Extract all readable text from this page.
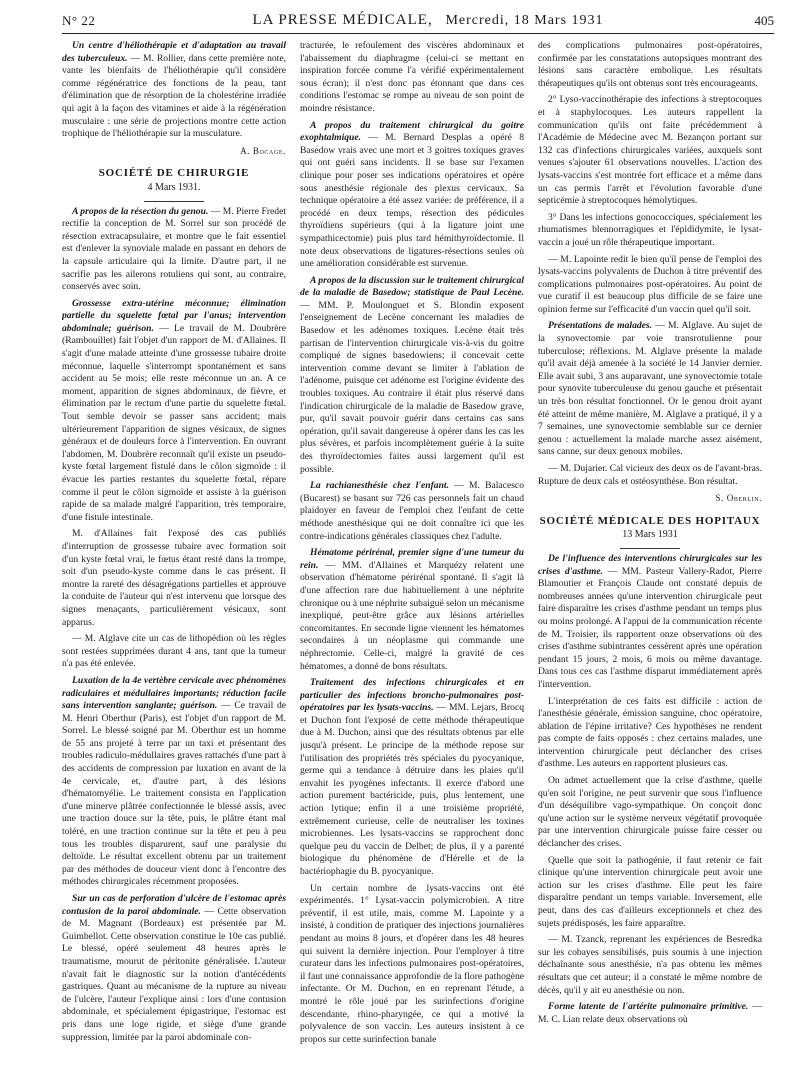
N° 22	LA PRESSE MÉDICALE, Mercredi, 18 Mars 1931	405

Un centre d'héliothérapie et d'adaptation au travail des tuberculeux. — M. Rollier, dans cette première note, vante les bienfaits de l'héliothérapie qu'il considère comme régénératrice des fonctions de la peau, tant d'élimination que de résorption de la cholestérine irradiée qui agit à la façon des vitamines et aide à la régénération musculaire : une série de projections montre cette action trophique de l'héliothérapie sur la musculature.

A. Bocage.
SOCIÉTÉ DE CHIRURGIE
4 Mars 1931.

A propos de la résection du genou. — M. Pierre Fredet rectifie la conception de M. Sorrel sur son procédé de résection extracapsulaire, et montre que le fait essentiel est d'enlever la synoviale malade en passant en dehors de la capsule articulaire qui la limite. D'autre part, il ne sacrifie pas les ailerons rotuliens qui sont, au contraire, conservés avec soin.

Grossesse extra-utérine méconnue; élimination partielle du squelette fœtal par l'anus; intervention abdominale; guérison. — Le travail de M. Doubrère (Rambouillet) fait l'objet d'un rapport de M. d'Allaines. Il s'agit d'une malade atteinte d'une grossesse tubaire droite méconnue, laquelle s'interrompt spontanément et sans accident au 5e mois; elle reste méconnue un an. A ce moment, apparition de signes abdominaux, de fièvre, et élimination par le rectum d'une partie du squelette fœtal. Tout semble devoir se passer sans accident; mais ultérieurement l'apparition de signes vésicaux, de signes généraux et de douleurs force à l'intervention. En ouvrant l'abdomen, M. Doubrère reconnaît qu'il existe un pseudo-kyste fœtal largement fistulé dans le côlon sigmoïde : il évacue les parties restantes du squelette fœtal, répare comme il peut le côlon sigmoïde et assiste à la guérison rapide de sa malade malgré l'apparition, très temporaire, d'une fistule intestinale.

M. d'Allaines fait l'exposé des cas publiés d'interruption de grossesse tubaire avec formation soit d'un kyste fœtal vrai, le fœtus étant resté dans la trompe, soit d'un pseudo-kyste comme dans le cas présent. Il montre la rareté des désagrégations partielles et approuve la conduite de l'auteur qui n'est intervenu que lorsque des signes menaçants, particulièrement vésicaux, sont apparus.

— M. Alglave cite un cas de lithopédion où les règles sont restées supprimées durant 4 ans, tant que la tumeur n'a pas été enlevée.

Luxation de la 4e vertèbre cervicale avec phénomènes radiculaires et médullaires importants; réduction facile sans intervention sanglante; guérison. — Ce travail de M. Henri Oberthur (Paris), est l'objet d'un rapport de M. Sorrel. Le blessé soigné par M. Oberthur est un homme de 55 ans projeté à terre par un taxi et présentant des troubles radiculo-médullaires graves rattachés d'une part à des accidents de compression par luxation en avant de la 4e cervicale, et, d'autre part, à des lésions d'hématomyélie. Le traitement consista en l'application d'une minerve plâtrée confectionnée le blessé assis, avec une traction douce sur la tête, puis, le plâtre étant mal toléré, en une traction continue sur la tête et peu à peu tous les troubles disparurent, sauf une paralysie du deltoïde. Le résultat excellent obtenu par un traitement par des méthodes de douceur vient donc à l'encontre des méthodes chirurgicales récemment proposées.

Sur un cas de perforation d'ulcère de l'estomac après contusion de la paroi abdominale. — Cette observation de M. Magnant (Bordeaux) est présentée par M. Guimbellot. Cette observation constitue le 10e cas publié. Le blessé, opéré seulement 48 heures après le traumatisme, mourut de péritonite généralisée. L'auteur n'avait fait le diagnostic sur la notion d'antécédents gastriques. Quant au mécanisme de la rupture au niveau de l'ulcère, l'auteur l'explique ainsi : lors d'une contusion abdominale, et spécialement épigastrique, l'estomac est pris dans une loge rigide, et siège d'une grande suppression, limitée par la paroi abdominale con-

tracturée, le refoulement des viscères abdominaux et l'abaissement du diaphragme (celui-ci se mettant en inspiration forcée comme l'a vérifié expérimentalement sous écran); il n'est donc pas étonnant que dans ces conditions l'estomac se rompe au niveau de son point de moindre résistance.

A propos du traitement chirurgical du goitre exophtalmique. — M. Bernard Desplas a opéré 8 Basedow vrais avec une mort et 3 goitres toxiques graves qui ont guéri sans incidents. Il se base sur l'examen clinique pour poser ses indications opératoires et opère sous anesthésie régionale des plexus cervicaux. Sa technique opératoire a été assez variée: de préférence, il a procédé en deux temps, résection des pédicules thyroïdiens supérieurs (qui à la ligature joint une sympathicectomie) puis plus tard hémithyroïdectomie. Il note deux observations de ligatures-résections seules où une amélioration considérable est survenue.

A propos de la discussion sur le traitement chirurgical de la maladie de Basedow; statistique de Paul Lecène. — MM. P. Moulonguet et S. Blondin exposent l'enseignement de Lecène concernant les maladies de Basedow et les adénomes toxiques. Lecène était très partisan de l'intervention chirurgicale vis-à-vis du goitre compliqué de signes basedowiens; il concevait cette intervention comme devant se limiter à l'ablation de l'adénome, puisque cet adénome est l'origine évidente des troubles toxiques. Au contraire il était plus réservé dans l'indication chirurgicale de la maladie de Basedow grave, pur, qu'il savait pouvoir guérir dans certains cas sans opération, qu'il savait dangereuse à opérer dans les cas les plus sévères, et parfois incomplètement guérie à la suite des thyroïdectomies faites aussi largement qu'il est possible.

La rachianesthésie chez l'enfant. — M. Balacesco (Bucarest) se basant sur 726 cas personnels fait un chaud plaidoyer en faveur de l'emploi chez l'enfant de cette méthode anesthésique qui ne doit connaître ici que les contre-indications générales classiques chez l'adulte.

Hématome périrénal, premier signe d'une tumeur du rein. — MM. d'Allaines et Marquézy relatent une observation d'hématome périrénal spontané. Il s'agit là d'une affection rare due habituellement à une néphrite chronique ou à une néphrite subaiguë selon un mécanisme inexpliqué, peut-être grâce aux lésions artérielles concomitantes. En seconde ligne viennent les hématomes secondaires à un néoplasme qui commande une néphrectomie. Celle-ci, malgré la gravité de ces hématomes, a donné de bons résultats.

Traitement des infections chirurgicales et en particulier des infections broncho-pulmonaires post-opératoires par les lysats-vaccins. — MM. Lejars, Brocq et Duchon font l'exposé de cette méthode thérapeutique due à M. Duchon, ainsi que des résultats obtenus par elle jusqu'à présent. Le principe de la méthode repose sur l'utilisation des propriétés très spéciales du pyocyanique, germe qui a tendance à détruire dans les plaies qu'il envahit les pyogènes infectants. Il exerce d'abord une action purement bactéricide, puis, plus lentement, une action lytique; enfin il a une troisième propriété, extrêmement curieuse, celle de neutraliser les toxines microbiennes. Les lysats-vaccins se rapprochent donc quelque peu du vaccin de Delbet; de plus, il y a parenté biologique du phénomène de d'Hérelle et de la bactériophagie du B. pyocyanique.

Un certain nombre de lysats-vaccins ont été expérimentés. 1° Lysat-vaccin polymicrobien. A titre préventif, il est utile, mais, comme M. Lapointe y a insisté, à condition de pratiquer des injections journalières pendant au moins 8 jours, et d'opérer dans les 48 heures qui suivent la dernière injection. Pour l'employer à titre curateur dans les infections pulmonaires post-opératoires, il faut une connaissance approfondie de la flore pathogène infectante. Or M. Duchon, en en reprenant l'étude, a montré le rôle joué par les surinfections d'origine descendante, rhino-pharyngée, ce qui a motivé la polyvalence de son vaccin. Les auteurs insistent à ce propos sur cette surinfection banale

des complications pulmonaires post-opératoires, confirmée par les constatations autopsiques montrant des lésions sans caractère embolique. Les résultats thérapeutiques qu'ils ont obtenus sont très encourageants.

2° Lyso-vaccinothérapie des infections à streptocoques et à staphylocoques. Les auteurs rappellent la communication qu'ils ont faite précédemment à l'Académie de Médecine avec M. Bezançon portant sur 132 cas d'infections chirurgicales variées, auxquels sont venues s'ajouter 61 observations nouvelles. L'action des lysats-vaccins s'est montrée fort efficace et a même dans un cas permis l'arrêt et l'évolution favorable d'une septicémie à streptocoques hémolytiques.

3° Dans les infections gonococciques, spécialement les rhumatismes blennorragiques et l'épididymite, le lysat-vaccin a joué un rôle thérapeutique important.

— M. Lapointe redit le bien qu'il pense de l'emploi des lysats-vaccins polyvalents de Duchon à titre préventif des complications pulmonaires post-opératoires. Au point de vue curatif il est beaucoup plus difficile de se faire une opinion ferme sur l'efficacité d'un vaccin quel qu'il soit.

Présentations de malades. — M. Alglave. Au sujet de la synovectomie par voie transrotulienne pour tuberculose; réflexions. M. Alglave présente la malade qu'il avait déjà amenée à la société le 14 Janvier dernier. Elle avait subi, 3 ans auparavant, une synovectomie totale pour synovite tuberculeuse du genou gauche et présentait un très bon résultat fonctionnel. Or le genou droit ayant été atteint de même manière, M. Alglave a pratiqué, il y a 7 semaines, une synovectomie semblable sur ce dernier genou : actuellement la malade marche assez aisément, sans canne, sur deux genoux mobiles.

— M. Dujarier. Cal vicieux des deux os de l'avant-bras. Rupture de deux cals et ostéosynthèse. Bon résultat.

S. Oberlin.
SOCIÉTÉ MÉDICALE DES HOPITAUX
13 Mars 1931

De l'influence des interventions chirurgicales sur les crises d'asthme. — MM. Pasteur Vallery-Radot, Pierre Blamoutier et François Claude ont constaté depuis de nombreuses années qu'une intervention chirurgicale peut faire disparaître les crises d'asthme pendant un temps plus ou moins prolongé. A l'appui de la communication récente de M. Troisier, ils rapportent onze observations où des crises d'asthme subintrantes cessèrent après une opération pendant 15 jours, 2 mois, 6 mois ou même davantage. Dans tous ces cas l'asthme disparut immédiatement après l'intervention.

L'interprétation de ces faits est difficile : action de l'anesthésie générale, émission sanguine, choc opératoire, ablation de l'épine irritative? Ces hypothèses ne rendent pas compte de faits opposés : chez certains malades, une intervention chirurgicale peut déclancher des crises d'asthme. Les auteurs en rapportent plusieurs cas.

On admet actuellement que la crise d'asthme, quelle qu'en soit l'origine, ne peut survenir que sous l'influence d'un déséquilibre vago-sympathique. On conçoit donc qu'une action sur le système nerveux végétatif provoquée par une intervention chirurgicale puisse faire cesser ou déclancher des crises.

Quelle que soit la pathogénie, il faut retenir ce fait clinique qu'une intervention chirurgicale peut avoir une action sur les crises d'asthme. Elle peut les faire disparaître pendant un temps variable. Inversement, elle peut, dans des cas d'ailleurs exceptionnels et chez des sujets prédisposés, les faire apparaître.

— M. Tzanck, reprenant les expériences de Besredka sur les cobayes sensibilisés, puis soumis à une injection déchaînante sous anesthésie, n'a pas obtenu les mêmes résultats que cet auteur; il a constaté le même nombre de décès, qu'il y ait eu anesthésie ou non.

Forme latente de l'artérite pulmonaire primitive. — M. C. Lian relate deux observations où
